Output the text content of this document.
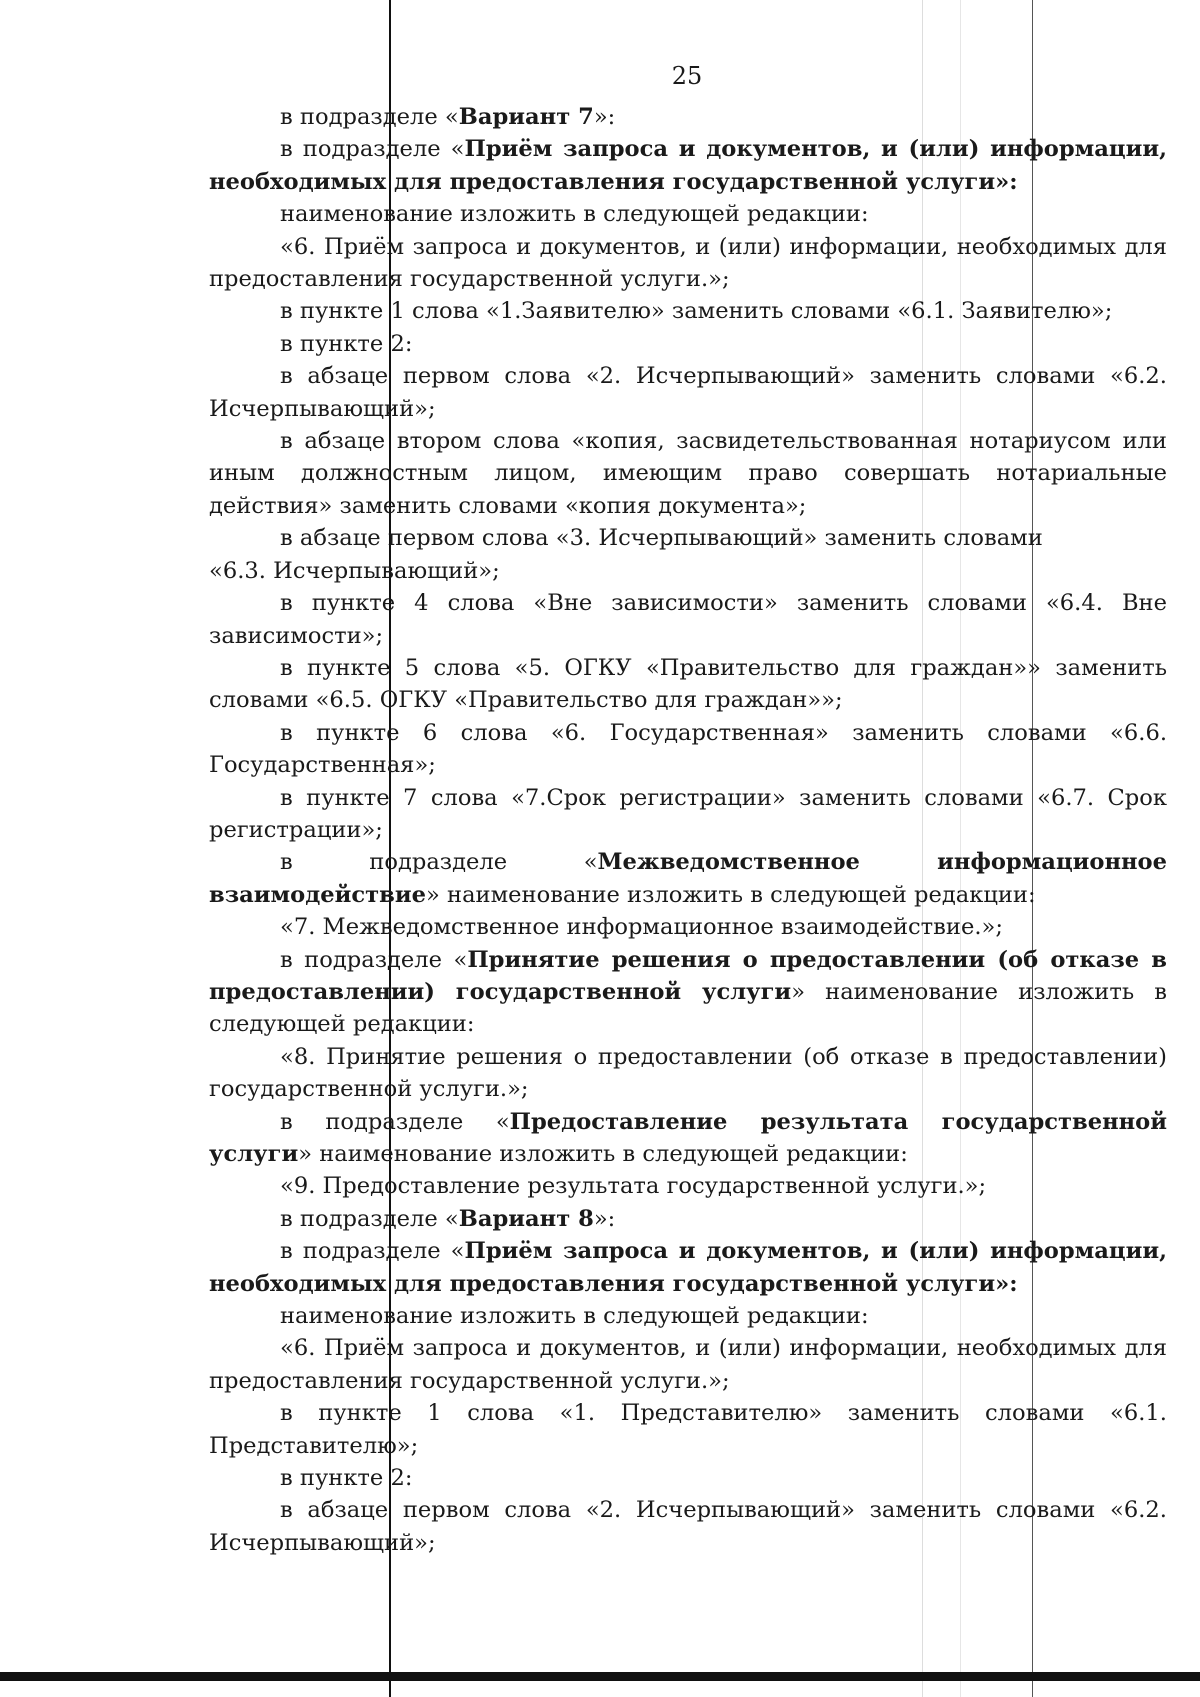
25

в подразделе «Вариант 7»:

в подразделе «Приём запроса и документов, и (или) информации, необходимых для предоставления государственной услуги»:

наименование изложить в следующей редакции:

«6. Приём запроса и документов, и (или) информации, необходимых для предоставления государственной услуги.»;

в пункте 1 слова «1.Заявителю» заменить словами «6.1. Заявителю»;

в пункте 2:

в абзаце первом слова «2. Исчерпывающий» заменить словами «6.2. Исчерпывающий»;

в абзаце втором слова «копия, засвидетельствованная нотариусом или иным должностным лицом, имеющим право совершать нотариальные действия» заменить словами «копия документа»;

в абзаце первом слова «3. Исчерпывающий» заменить словами

«6.3. Исчерпывающий»;

в пункте 4 слова «Вне зависимости» заменить словами «6.4. Вне зависимости»;

в пункте 5 слова «5. ОГКУ «Правительство для граждан»» заменить словами «6.5. ОГКУ «Правительство для граждан»»;

в пункте 6 слова «6. Государственная» заменить словами «6.6. Государственная»;

в пункте 7 слова «7.Срок регистрации» заменить словами «6.7. Срок регистрации»;

в подразделе «Межведомственное информационное взаимодействие» наименование изложить в следующей редакции:

«7. Межведомственное информационное взаимодействие.»;

в подразделе «Принятие решения о предоставлении (об отказе в предоставлении) государственной услуги» наименование изложить в следующей редакции:

«8. Принятие решения о предоставлении (об отказе в предоставлении) государственной услуги.»;

в подразделе «Предоставление результата государственной услуги» наименование изложить в следующей редакции:

«9. Предоставление результата государственной услуги.»;

в подразделе «Вариант 8»:

в подразделе «Приём запроса и документов, и (или) информации, необходимых для предоставления государственной услуги»:

наименование изложить в следующей редакции:

«6. Приём запроса и документов, и (или) информации, необходимых для предоставления государственной услуги.»;

в пункте 1 слова «1. Представителю» заменить словами «6.1. Представителю»;

в пункте 2:

в абзаце первом слова «2. Исчерпывающий» заменить словами «6.2. Исчерпывающий»;
